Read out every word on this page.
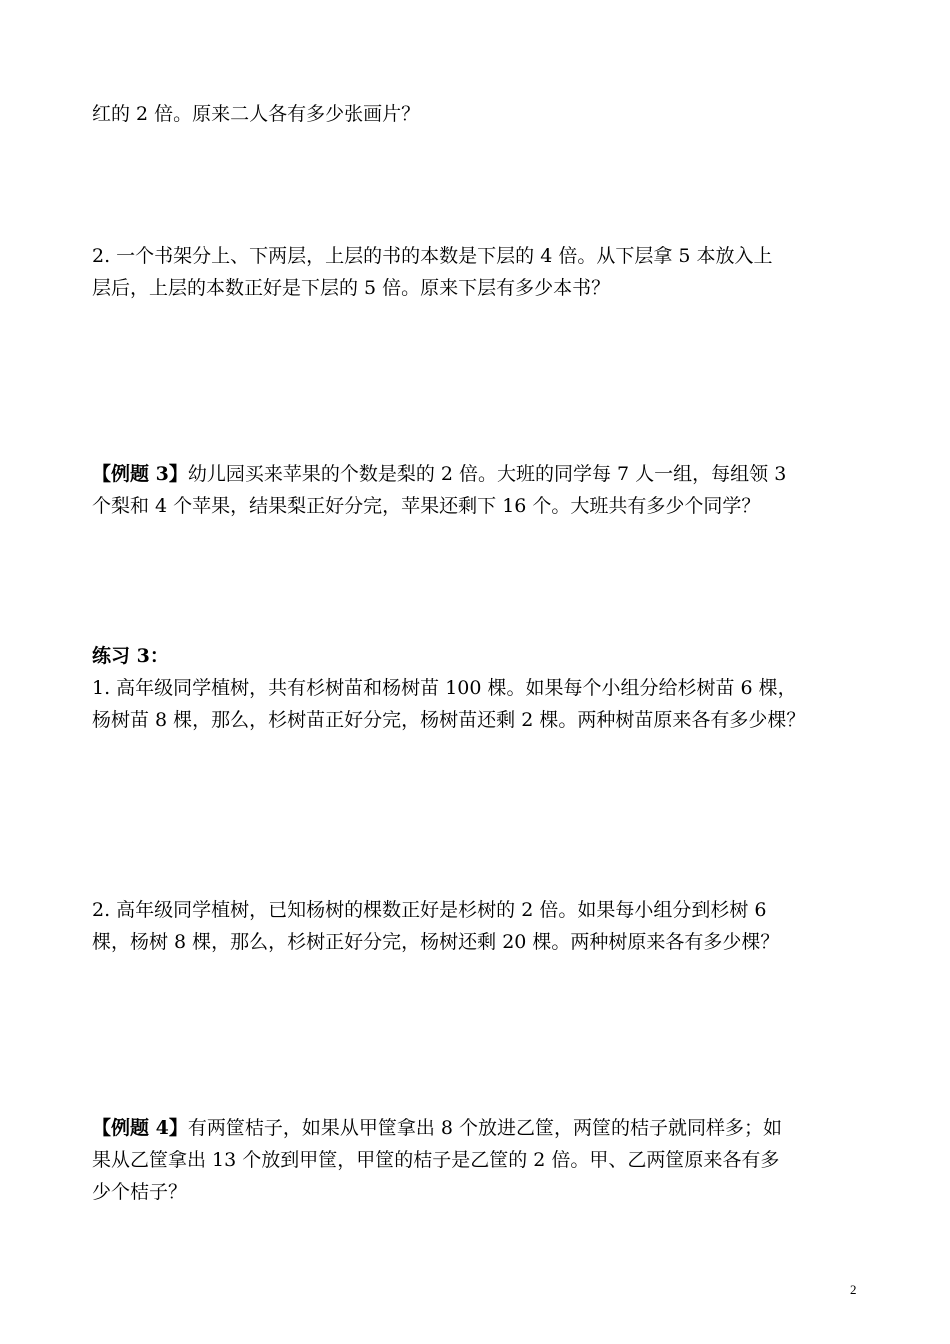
红的 2 倍。原来二人各有多少张画片？
2. 一个书架分上、下两层，上层的书的本数是下层的 4 倍。从下层拿 5 本放入上
层后，上层的本数正好是下层的 5 倍。原来下层有多少本书？
【例题 3】幼儿园买来苹果的个数是梨的 2 倍。大班的同学每 7 人一组，每组领 3
个梨和 4 个苹果，结果梨正好分完，苹果还剩下 16 个。大班共有多少个同学？
练习 3：
1. 高年级同学植树，共有杉树苗和杨树苗 100 棵。如果每个小组分给杉树苗 6 棵，
杨树苗 8 棵，那么，杉树苗正好分完，杨树苗还剩 2 棵。两种树苗原来各有多少棵？
2. 高年级同学植树，已知杨树的棵数正好是杉树的 2 倍。如果每小组分到杉树 6
棵，杨树 8 棵，那么，杉树正好分完，杨树还剩 20 棵。两种树原来各有多少棵？
【例题 4】有两筐桔子，如果从甲筐拿出 8 个放进乙筐，两筐的桔子就同样多；如
果从乙筐拿出 13 个放到甲筐，甲筐的桔子是乙筐的 2 倍。甲、乙两筐原来各有多
少个桔子？
2
